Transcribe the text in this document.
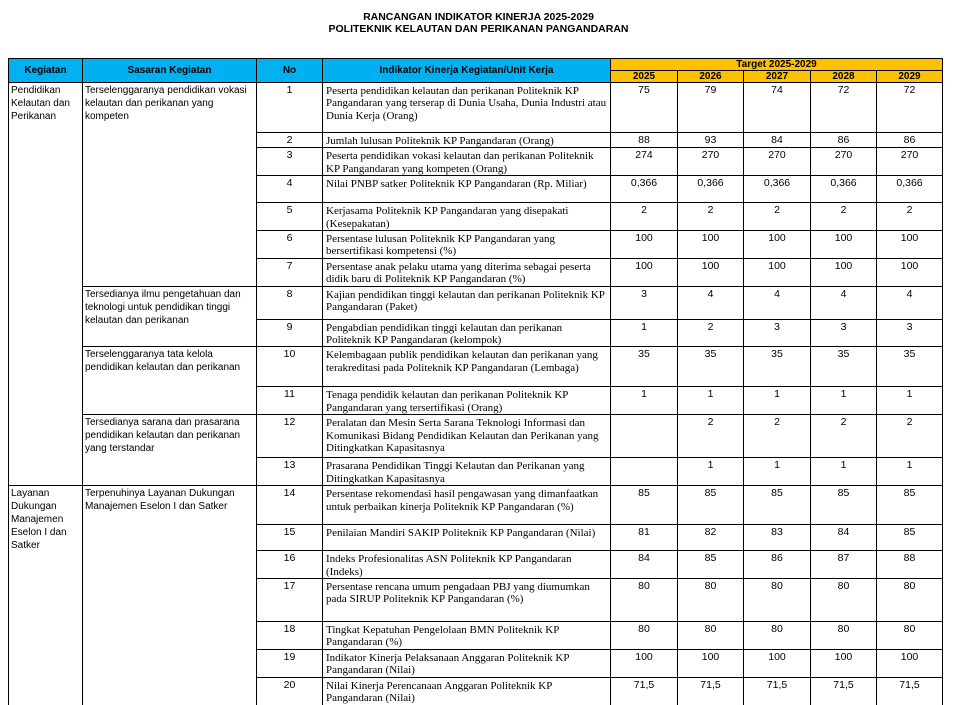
RANCANGAN INDIKATOR KINERJA 2025-2029
POLITEKNIK KELAUTAN DAN PERIKANAN PANGANDARAN
Kegiatan	Sasaran Kegiatan	No	Indikator Kinerja Kegiatan/Unit Kerja	Target 2025-2029				
				2025	2026	2027	2028	2029
Pendidikan Kelautan dan Perikanan	Terselenggaranya pendidikan vokasi kelautan dan perikanan yang kompeten	1	Peserta pendidikan kelautan dan perikanan Politeknik KP Pangandaran yang terserap di Dunia Usaha, Dunia Industri atau Dunia Kerja (Orang)	75	79	74	72	72
		2	Jumlah lulusan Politeknik KP Pangandaran (Orang)	88	93	84	86	86
		3	Peserta pendidikan vokasi kelautan dan perikanan Politeknik KP Pangandaran yang kompeten (Orang)	274	270	270	270	270
		4	Nilai PNBP satker Politeknik KP Pangandaran (Rp. Miliar)	0,366	0,366	0,366	0,366	0,366
		5	Kerjasama Politeknik KP Pangandaran yang disepakati (Kesepakatan)	2	2	2	2	2
		6	Persentase lulusan Politeknik KP Pangandaran yang bersertifikasi kompetensi (%)	100	100	100	100	100
		7	Persentase anak pelaku utama yang diterima sebagai peserta didik baru di Politeknik KP Pangandaran (%)	100	100	100	100	100
	Tersedianya ilmu pengetahuan dan teknologi untuk pendidikan tinggi kelautan dan perikanan	8	Kajian pendidikan tinggi kelautan dan perikanan Politeknik KP Pangandaran (Paket)	3	4	4	4	4
		9	Pengabdian pendidikan tinggi kelautan dan perikanan Politeknik KP Pangandaran (kelompok)	1	2	3	3	3
	Terselenggaranya tata kelola pendidikan kelautan dan perikanan	10	Kelembagaan publik pendidikan kelautan dan perikanan yang terakreditasi pada Politeknik KP Pangandaran (Lembaga)	35	35	35	35	35
		11	Tenaga pendidik kelautan dan perikanan Politeknik KP Pangandaran yang tersertifikasi (Orang)	1	1	1	1	1
	Tersedianya sarana dan prasarana pendidikan kelautan dan perikanan yang terstandar	12	Peralatan dan Mesin Serta Sarana Teknologi Informasi dan Komunikasi Bidang Pendidikan Kelautan dan Perikanan yang Ditingkatkan Kapasitasnya		2	2	2	2
		13	Prasarana Pendidikan Tinggi Kelautan dan Perikanan yang Ditingkatkan Kapasitasnya		1	1	1	1
Layanan Dukungan Manajemen Eselon I dan Satker	Terpenuhinya Layanan Dukungan Manajemen Eselon I dan Satker	14	Persentase rekomendasi hasil pengawasan yang dimanfaatkan untuk perbaikan kinerja Politeknik KP Pangandaran (%)	85	85	85	85	85
		15	Penilaian Mandiri SAKIP Politeknik KP Pangandaran (Nilai)	81	82	83	84	85
		16	Indeks Profesionalitas ASN Politeknik KP Pangandaran (Indeks)	84	85	86	87	88
		17	Persentase rencana umum pengadaan PBJ yang diumumkan pada SIRUP Politeknik KP Pangandaran (%)	80	80	80	80	80
		18	Tingkat Kepatuhan Pengelolaan BMN Politeknik KP Pangandaran (%)	80	80	80	80	80
		19	Indikator Kinerja Pelaksanaan Anggaran Politeknik KP Pangandaran (Nilai)	100	100	100	100	100
		20	Nilai Kinerja Perencanaan Anggaran Politeknik KP Pangandaran (Nilai)	71,5	71,5	71,5	71,5	71,5
